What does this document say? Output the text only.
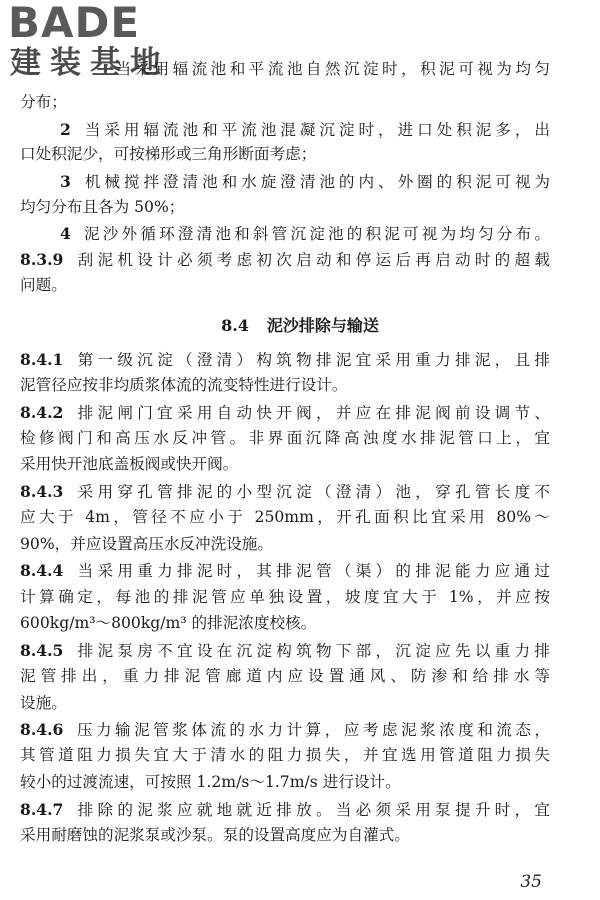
BADE
建装基地
当采用辐流池和平流池自然沉淀时，积泥可视为均匀
分布；
2 当采用辐流池和平流池混凝沉淀时，进口处积泥多，出
口处积泥少，可按梯形或三角形断面考虑；
3 机械搅拌澄清池和水旋澄清池的内、外圈的积泥可视为
均匀分布且各为 50%；
4 泥沙外循环澄清池和斜管沉淀池的积泥可视为均匀分布。
8.3.9 刮泥机设计必须考虑初次启动和停运后再启动时的超载
问题。
8.4 泥沙排除与输送
8.4.1 第一级沉淀（澄清）构筑物排泥宜采用重力排泥，且排
泥管径应按非均质浆体流的流变特性进行设计。
8.4.2 排泥闸门宜采用自动快开阀，并应在排泥阀前设调节、
检修阀门和高压水反冲管。非界面沉降高浊度水排泥管口上，宜
采用快开池底盖板阀或快开阀。
8.4.3 采用穿孔管排泥的小型沉淀（澄清）池，穿孔管长度不
应大于 4m，管径不应小于 250mm，开孔面积比宜采用 80%～
90%，并应设置高压水反冲洗设施。
8.4.4 当采用重力排泥时，其排泥管（渠）的排泥能力应通过
计算确定，每池的排泥管应单独设置，坡度宜大于 1%，并应按
600kg/m³～800kg/m³ 的排泥浓度校核。
8.4.5 排泥泵房不宜设在沉淀构筑物下部，沉淀应先以重力排
泥管排出，重力排泥管廊道内应设置通风、防渗和给排水等
设施。
8.4.6 压力输泥管浆体流的水力计算，应考虑泥浆浓度和流态，
其管道阻力损失宜大于清水的阻力损失，并宜选用管道阻力损失
较小的过渡流速，可按照 1.2m/s～1.7m/s 进行设计。
8.4.7 排除的泥浆应就地就近排放。当必须采用泵提升时，宜
采用耐磨蚀的泥浆泵或沙泵。泵的设置高度应为自灌式。
35
